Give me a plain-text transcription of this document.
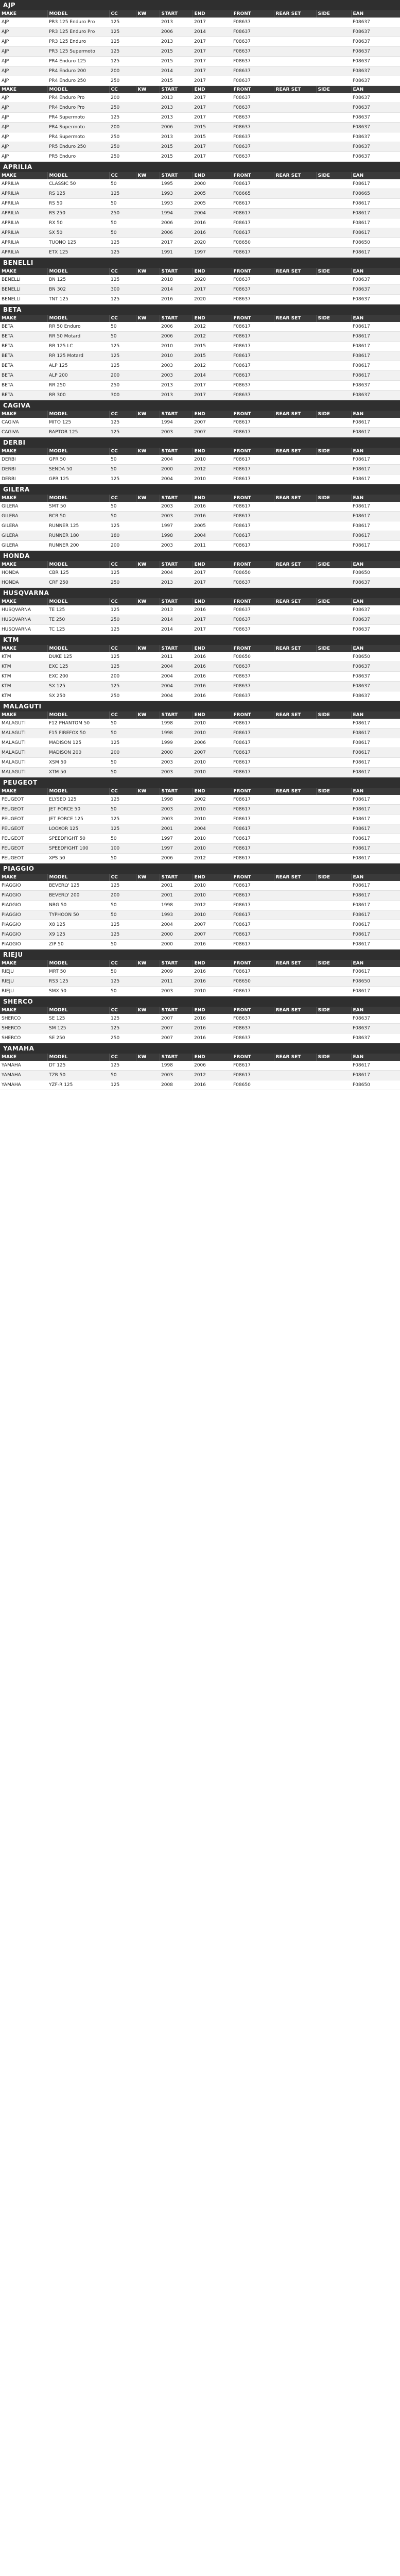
AJP
MAKE	MODEL	CC	KW	START	END	FRONT	REAR SET	SIDE	EAN
AJP	PR3 125 Enduro Pro	125		2013	2017	F08637			F08637
AJP	PR3 125 Enduro Pro	125		2006	2014	F08637			F08637
AJP	PR3 125 Enduro	125		2013	2017	F08637			F08637
AJP	PR3 125 Supermoto	125		2015	2017	F08637			F08637
AJP	PR4 Enduro 125	125		2015	2017	F08637			F08637
AJP	PR4 Enduro 200	200		2014	2017	F08637			F08637
AJP	PR4 Enduro 250	250		2015	2017	F08637			F08637
MAKE	MODEL	CC	KW	START	END	FRONT	REAR SET	SIDE	EAN
AJP	PR4 Enduro Pro	200		2013	2017	F08637			F08637
AJP	PR4 Enduro Pro	250		2013	2017	F08637			F08637
AJP	PR4 Supermoto	125		2013	2017	F08637			F08637
AJP	PR4 Supermoto	200		2006	2015	F08637			F08637
AJP	PR4 Supermoto	250		2013	2015	F08637			F08637
AJP	PR5 Enduro 250	250		2015	2017	F08637			F08637
AJP	PR5 Enduro	250		2015	2017	F08637			F08637
APRILIA
MAKE	MODEL	CC	KW	START	END	FRONT	REAR SET	SIDE	EAN
APRILIA	CLASSIC 50	50		1995	2000	F08617			F08617
APRILIA	RS 125	125		1993	2005	F08665			F08665
APRILIA	RS 50	50		1993	2005	F08617			F08617
APRILIA	RS 250	250		1994	2004	F08617			F08617
APRILIA	RX 50	50		2006	2016	F08617			F08617
APRILIA	SX 50	50		2006	2016	F08617			F08617
APRILIA	TUONO 125	125		2017	2020	F08650			F08650
APRILIA	ETX 125	125		1991	1997	F08617			F08617
BENELLI
MAKE	MODEL	CC	KW	START	END	FRONT	REAR SET	SIDE	EAN
BENELLI	BN 125	125		2018	2020	F08637			F08637
BENELLI	BN 302	300		2014	2017	F08637			F08637
BENELLI	TNT 125	125		2016	2020	F08637			F08637
BETA
MAKE	MODEL	CC	KW	START	END	FRONT	REAR SET	SIDE	EAN
BETA	RR 50 Enduro	50		2006	2012	F08617			F08617
BETA	RR 50 Motard	50		2006	2012	F08617			F08617
BETA	RR 125 LC	125		2010	2015	F08617			F08617
BETA	RR 125 Motard	125		2010	2015	F08617			F08617
BETA	ALP 125	125		2003	2012	F08617			F08617
BETA	ALP 200	200		2003	2014	F08617			F08617
BETA	RR 250	250		2013	2017	F08637			F08637
BETA	RR 300	300		2013	2017	F08637			F08637
CAGIVA
MAKE	MODEL	CC	KW	START	END	FRONT	REAR SET	SIDE	EAN
CAGIVA	MITO 125	125		1994	2007	F08617			F08617
CAGIVA	RAPTOR 125	125		2003	2007	F08617			F08617
DERBI
MAKE	MODEL	CC	KW	START	END	FRONT	REAR SET	SIDE	EAN
DERBI	GPR 50	50		2004	2010	F08617			F08617
DERBI	SENDA 50	50		2000	2012	F08617			F08617
DERBI	GPR 125	125		2004	2010	F08617			F08617
GILERA
MAKE	MODEL	CC	KW	START	END	FRONT	REAR SET	SIDE	EAN
GILERA	SMT 50	50		2003	2016	F08617			F08617
GILERA	RCR 50	50		2003	2016	F08617			F08617
GILERA	RUNNER 125	125		1997	2005	F08617			F08617
GILERA	RUNNER 180	180		1998	2004	F08617			F08617
GILERA	RUNNER 200	200		2003	2011	F08617			F08617
HONDA
MAKE	MODEL	CC	KW	START	END	FRONT	REAR SET	SIDE	EAN
HONDA	CBR 125	125		2004	2017	F08650			F08650
HONDA	CRF 250	250		2013	2017	F08637			F08637
HUSQVARNA
MAKE	MODEL	CC	KW	START	END	FRONT	REAR SET	SIDE	EAN
HUSQVARNA	TE 125	125		2013	2016	F08637			F08637
HUSQVARNA	TE 250	250		2014	2017	F08637			F08637
HUSQVARNA	TC 125	125		2014	2017	F08637			F08637
KTM
MAKE	MODEL	CC	KW	START	END	FRONT	REAR SET	SIDE	EAN
KTM	DUKE 125	125		2011	2016	F08650			F08650
KTM	EXC 125	125		2004	2016	F08637			F08637
KTM	EXC 200	200		2004	2016	F08637			F08637
KTM	SX 125	125		2004	2016	F08637			F08637
KTM	SX 250	250		2004	2016	F08637			F08637
MALAGUTI
MAKE	MODEL	CC	KW	START	END	FRONT	REAR SET	SIDE	EAN
MALAGUTI	F12 PHANTOM 50	50		1998	2010	F08617			F08617
MALAGUTI	F15 FIREFOX 50	50		1998	2010	F08617			F08617
MALAGUTI	MADISON 125	125		1999	2006	F08617			F08617
MALAGUTI	MADISON 200	200		2000	2007	F08617			F08617
MALAGUTI	XSM 50	50		2003	2010	F08617			F08617
MALAGUTI	XTM 50	50		2003	2010	F08617			F08617
PEUGEOT
MAKE	MODEL	CC	KW	START	END	FRONT	REAR SET	SIDE	EAN
PEUGEOT	ELYSEO 125	125		1998	2002	F08617			F08617
PEUGEOT	JET FORCE 50	50		2003	2010	F08617			F08617
PEUGEOT	JET FORCE 125	125		2003	2010	F08617			F08617
PEUGEOT	LOOXOR 125	125		2001	2004	F08617			F08617
PEUGEOT	SPEEDFIGHT 50	50		1997	2010	F08617			F08617
PEUGEOT	SPEEDFIGHT 100	100		1997	2010	F08617			F08617
PEUGEOT	XPS 50	50		2006	2012	F08617			F08617
PIAGGIO
MAKE	MODEL	CC	KW	START	END	FRONT	REAR SET	SIDE	EAN
PIAGGIO	BEVERLY 125	125		2001	2010	F08617			F08617
PIAGGIO	BEVERLY 200	200		2001	2010	F08617			F08617
PIAGGIO	NRG 50	50		1998	2012	F08617			F08617
PIAGGIO	TYPHOON 50	50		1993	2010	F08617			F08617
PIAGGIO	X8 125	125		2004	2007	F08617			F08617
PIAGGIO	X9 125	125		2000	2007	F08617			F08617
PIAGGIO	ZIP 50	50		2000	2016	F08617			F08617
RIEJU
MAKE	MODEL	CC	KW	START	END	FRONT	REAR SET	SIDE	EAN
RIEJU	MRT 50	50		2009	2016	F08617			F08617
RIEJU	RS3 125	125		2011	2016	F08650			F08650
RIEJU	SMX 50	50		2003	2010	F08617			F08617
SHERCO
MAKE	MODEL	CC	KW	START	END	FRONT	REAR SET	SIDE	EAN
SHERCO	SE 125	125		2007	2016	F08637			F08637
SHERCO	SM 125	125		2007	2016	F08637			F08637
SHERCO	SE 250	250		2007	2016	F08637			F08637
YAMAHA
MAKE	MODEL	CC	KW	START	END	FRONT	REAR SET	SIDE	EAN
YAMAHA	DT 125	125		1998	2006	F08617			F08617
YAMAHA	TZR 50	50		2003	2012	F08617			F08617
YAMAHA	YZF-R 125	125		2008	2016	F08650			F08650
